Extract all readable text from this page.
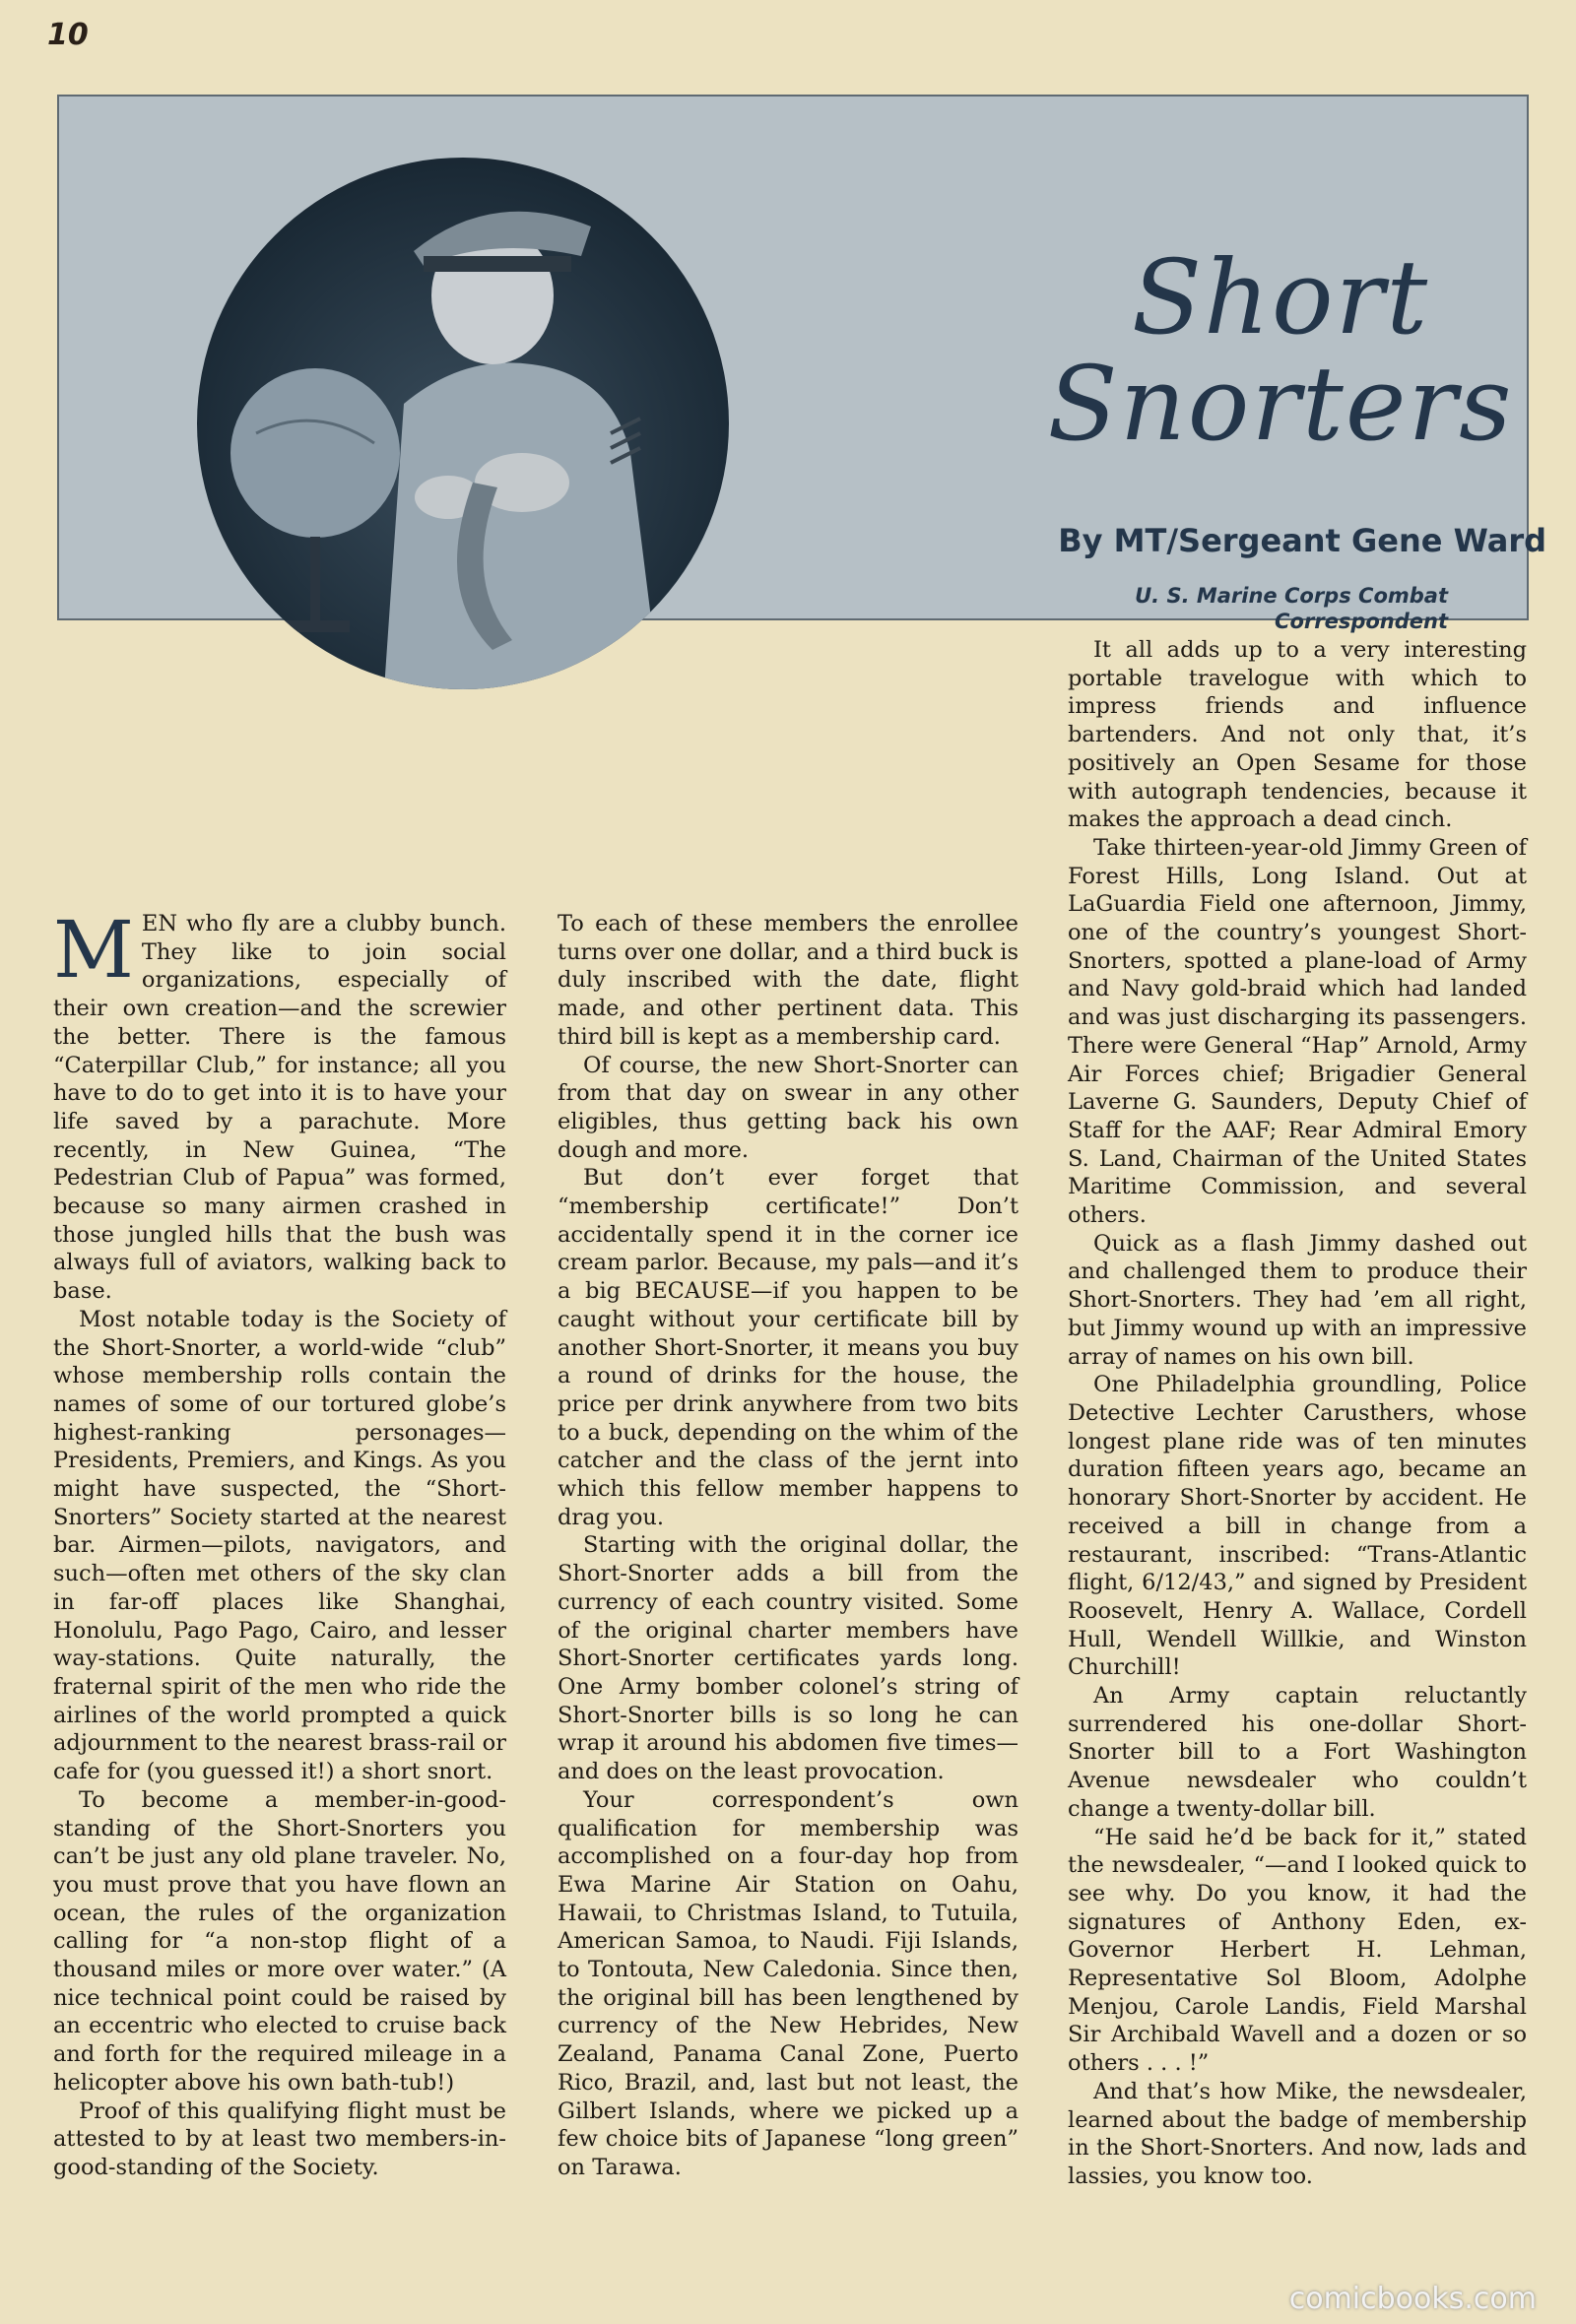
10
Short
Snorters
By MT/Sergeant Gene Ward
U. S. Marine Corps Combat
Correspondent

MEN who fly are a clubby bunch. They like to join social organizations, especially of their own creation—and the screwier the better. There is the famous “Caterpillar Club,” for instance; all you have to do to get into it is to have your life saved by a parachute. More recently, in New Guinea, “The Pedestrian Club of Papua” was formed, because so many airmen crashed in those jungled hills that the bush was always full of aviators, walking back to base.

Most notable today is the Society of the Short-Snorter, a world-wide “club” whose membership rolls contain the names of some of our tortured globe’s highest-ranking personages—Presidents, Premiers, and Kings. As you might have suspected, the “Short-Snorters” Society started at the nearest bar. Airmen—pilots, navigators, and such—often met others of the sky clan in far-off places like Shanghai, Honolulu, Pago Pago, Cairo, and lesser way-stations. Quite naturally, the fraternal spirit of the men who ride the airlines of the world prompted a quick adjournment to the nearest brass-rail or cafe for (you guessed it!) a short snort.

To become a member-in-good-standing of the Short-Snorters you can’t be just any old plane traveler. No, you must prove that you have flown an ocean, the rules of the organization calling for “a non-stop flight of a thousand miles or more over water.” (A nice technical point could be raised by an eccentric who elected to cruise back and forth for the required mileage in a helicopter above his own bath-tub!)

Proof of this qualifying flight must be attested to by at least two members-in-good-standing of the Society.

To each of these members the enrollee turns over one dollar, and a third buck is duly inscribed with the date, flight made, and other pertinent data. This third bill is kept as a membership card.

Of course, the new Short-Snorter can from that day on swear in any other eligibles, thus getting back his own dough and more.

But don’t ever forget that “membership certificate!” Don’t accidentally spend it in the corner ice cream parlor. Because, my pals—and it’s a big BECAUSE—if you happen to be caught without your certificate bill by another Short-Snorter, it means you buy a round of drinks for the house, the price per drink anywhere from two bits to a buck, depending on the whim of the catcher and the class of the jernt into which this fellow member happens to drag you.

Starting with the original dollar, the Short-Snorter adds a bill from the currency of each country visited. Some of the original charter members have Short-Snorter certificates yards long. One Army bomber colonel’s string of Short-Snorter bills is so long he can wrap it around his abdomen five times—and does on the least provocation.

Your correspondent’s own qualification for membership was accomplished on a four-day hop from Ewa Marine Air Station on Oahu, Hawaii, to Christmas Island, to Tutuila, American Samoa, to Naudi. Fiji Islands, to Tontouta, New Caledonia. Since then, the original bill has been lengthened by currency of the New Hebrides, New Zealand, Panama Canal Zone, Puerto Rico, Brazil, and, last but not least, the Gilbert Islands, where we picked up a few choice bits of Japanese “long green” on Tarawa.

It all adds up to a very interesting portable travelogue with which to impress friends and influence bartenders. And not only that, it’s positively an Open Sesame for those with autograph tendencies, because it makes the approach a dead cinch.

Take thirteen-year-old Jimmy Green of Forest Hills, Long Island. Out at LaGuardia Field one afternoon, Jimmy, one of the country’s youngest Short-Snorters, spotted a plane-load of Army and Navy gold-braid which had landed and was just discharging its passengers. There were General “Hap” Arnold, Army Air Forces chief; Brigadier General Laverne G. Saunders, Deputy Chief of Staff for the AAF; Rear Admiral Emory S. Land, Chairman of the United States Maritime Commission, and several others.

Quick as a flash Jimmy dashed out and challenged them to produce their Short-Snorters. They had ’em all right, but Jimmy wound up with an impressive array of names on his own bill.

One Philadelphia groundling, Police Detective Lechter Carusthers, whose longest plane ride was of ten minutes duration fifteen years ago, became an honorary Short-Snorter by accident. He received a bill in change from a restaurant, inscribed: “Trans-Atlantic flight, 6/12/43,” and signed by President Roosevelt, Henry A. Wallace, Cordell Hull, Wendell Willkie, and Winston Churchill!

An Army captain reluctantly surrendered his one-dollar Short-Snorter bill to a Fort Washington Avenue newsdealer who couldn’t change a twenty-dollar bill.

“He said he’d be back for it,” stated the newsdealer, “—and I looked quick to see why. Do you know, it had the signatures of Anthony Eden, ex-Governor Herbert H. Lehman, Representative Sol Bloom, Adolphe Menjou, Carole Landis, Field Marshal Sir Archibald Wavell and a dozen or so others . . . !”

And that’s how Mike, the newsdealer, learned about the badge of membership in the Short-Snorters. And now, lads and lassies, you know too.

comicbooks.com
